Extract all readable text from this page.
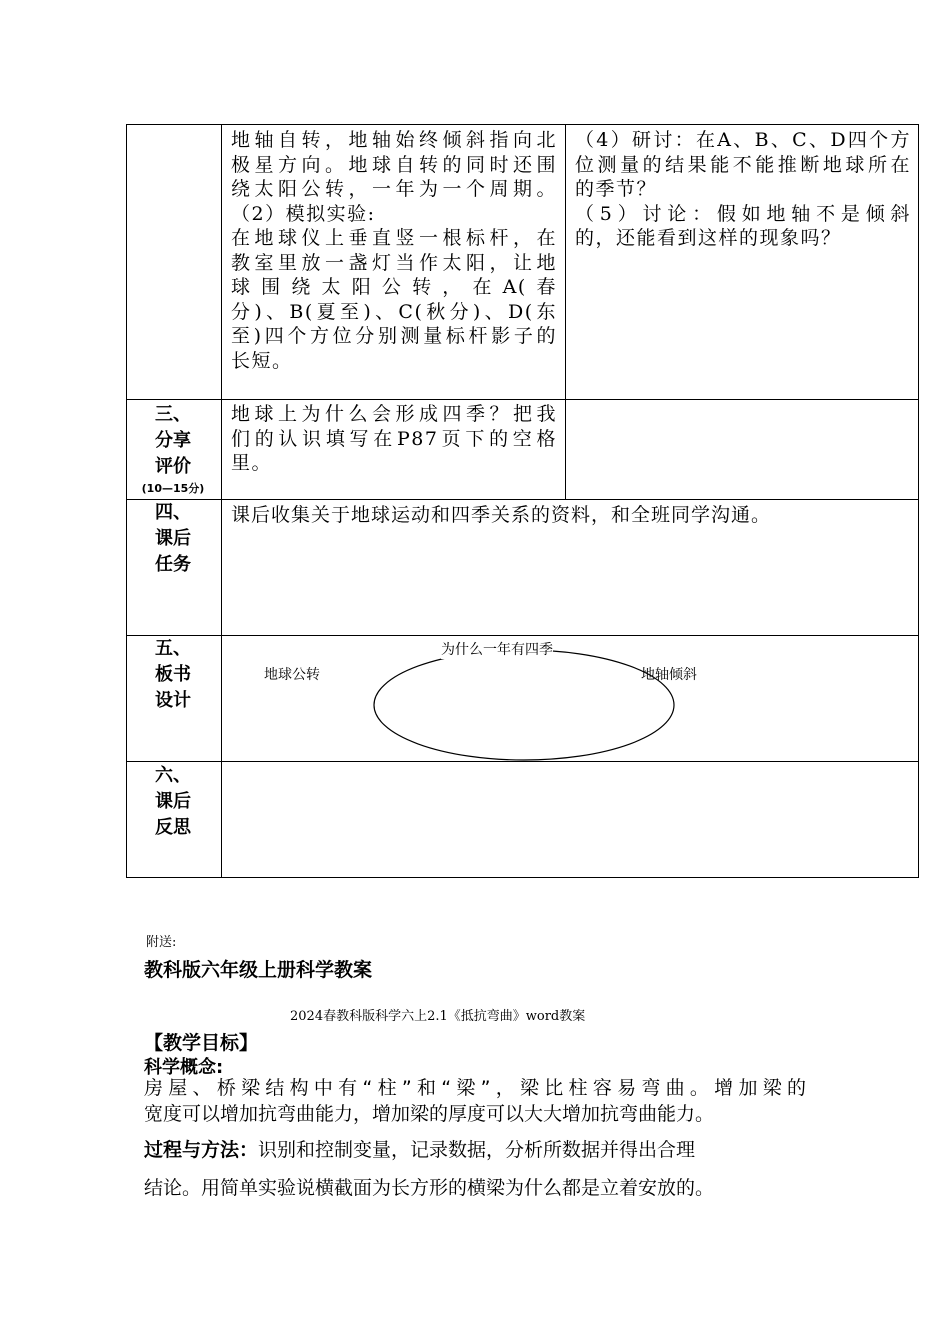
地轴自转，地轴始终倾斜指向北
极星方向。地球自转的同时还围
绕太阳公转，一年为一个周期。
（2）模拟实验:
在地球仪上垂直竖一根标杆，在
教室里放一盏灯当作太阳，让地
球围绕太阳公转，在A(春
分)、B(夏至)、C(秋分)、D(东
至)四个方位分别测量标杆影子的
长短。
（4）研讨：在A、B、C、D四个方
位测量的结果能不能推断地球所在
的季节？
（5）讨论：假如地轴不是倾斜
的，还能看到这样的现象吗？
三、
分享
评价
(10—15分)
地球上为什么会形成四季？把我
们的认识填写在P87页下的空格
里。
四、
课后
任务
课后收集关于地球运动和四季关系的资料，和全班同学沟通。
五、
板书
设计
为什么一年有四季
地球公转	地轴倾斜
六、
课后
反思
附送:
教科版六年级上册科学教案
2024春教科版科学六上2.1《抵抗弯曲》word教案
【教学目标】
科学概念:
房屋、桥梁结构中有“柱”和“梁”，梁比柱容易弯曲。增加梁的
宽度可以增加抗弯曲能力，增加梁的厚度可以大大增加抗弯曲能力。
过程与方法：识别和控制变量，记录数据，分析所数据并得出合理
结论。用简单实验说横截面为长方形的横梁为什么都是立着安放的。
